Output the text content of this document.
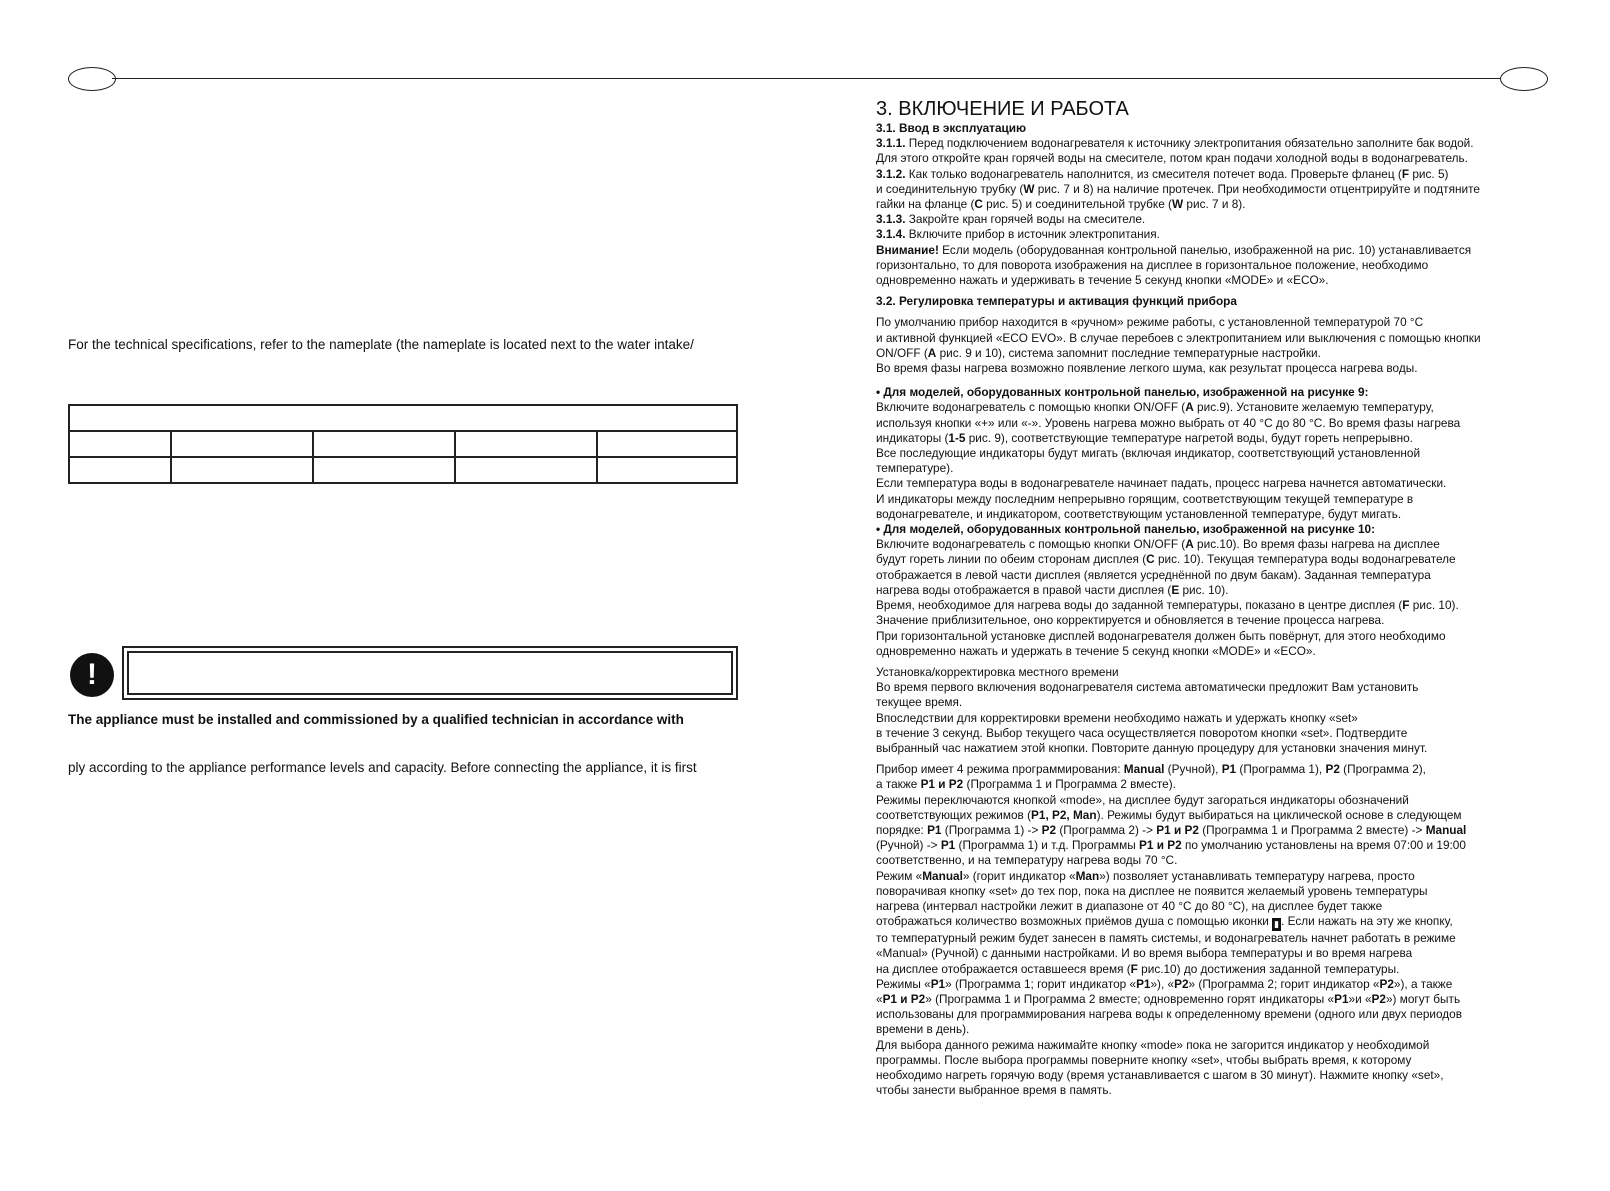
For the technical specifications, refer to the nameplate (the nameplate is located next to the water intake/

!
The appliance must be installed and commissioned by a qualified technician in accordance with
ply according to the appliance performance levels and capacity. Before connecting the appliance, it is first

3. ВКЛЮЧЕНИЕ И РАБОТА

3.1. Ввод в эксплуатацию

3.1.1. Перед подключением водонагревателя к источнику электропитания обязательно заполните бак водой.

Для этого откройте кран горячей воды на смесителе, потом кран подачи холодной воды в водонагреватель.

3.1.2. Как только водонагреватель наполнится, из смесителя потечет вода. Проверьте фланец (F рис. 5)

и соединительную трубку (W рис. 7 и 8) на наличие протечек. При необходимости отцентрируйте и подтяните

гайки на фланце (C рис. 5) и соединительной трубке (W рис. 7 и 8).

3.1.3. Закройте кран горячей воды на смесителе.

3.1.4. Включите прибор в источник электропитания.

Внимание! Если модель (оборудованная контрольной панелью, изображенной на рис. 10) устанавливается

горизонтально, то для поворота изображения на дисплее в горизонтальное положение, необходимо

одновременно нажать и удерживать в течение 5 секунд кнопки «MODE» и «ECO».

3.2. Регулировка температуры и активация функций прибора

По умолчанию прибор находится в «ручном» режиме работы, с установленной температурой 70 °C

и активной функцией «ECO EVO». В случае перебоев с электропитанием или выключения с помощью кнопки

ON/OFF (A рис. 9 и 10), система запомнит последние температурные настройки.

Во время фазы нагрева возможно появление легкого шума, как результат процесса нагрева воды.

• Для моделей, оборудованных контрольной панелью, изображенной на рисунке 9:

Включите водонагреватель с помощью кнопки ON/OFF (A рис.9). Установите желаемую температуру,

используя кнопки «+» или «-». Уровень нагрева можно выбрать от 40 °C до 80 °C. Во время фазы нагрева

индикаторы (1-5 рис. 9), соответствующие температуре нагретой воды, будут гореть непрерывно.

Все последующие индикаторы будут мигать (включая индикатор, соответствующий установленной

температуре).

Если температура воды в водонагревателе начинает падать, процесс нагрева начнется автоматически.

И индикаторы между последним непрерывно горящим, соответствующим текущей температуре в

водонагревателе, и индикатором, соответствующим установленной температуре, будут мигать.

• Для моделей, оборудованных контрольной панелью, изображенной на рисунке 10:

Включите водонагреватель с помощью кнопки ON/OFF (A рис.10). Во время фазы нагрева на дисплее

будут гореть линии по обеим сторонам дисплея (C рис. 10). Текущая температура воды водонагревателе

отображается в левой части дисплея (является усреднённой по двум бакам). Заданная температура

нагрева воды отображается в правой части дисплея (E рис. 10).

Время, необходимое для нагрева воды до заданной температуры, показано в центре дисплея (F рис. 10).

Значение приблизительное, оно корректируется и обновляется в течение процесса нагрева.

При горизонтальной установке дисплей водонагревателя должен быть повёрнут, для этого необходимо

одновременно нажать и удержать в течение 5 секунд кнопки «MODE» и «ECO».

Установка/корректировка местного времени

Во время первого включения водонагревателя система автоматически предложит Вам установить

текущее время.

Впоследствии для корректировки времени необходимо нажать и удержать кнопку «set»

в течение 3 секунд. Выбор текущего часа осуществляется поворотом кнопки «set». Подтвердите

выбранный час нажатием этой кнопки. Повторите данную процедуру для установки значения минут.

Прибор имеет 4 режима программирования: Manual (Ручной), P1 (Программа 1), P2 (Программа 2),

а также P1 и P2 (Программа 1 и Программа 2 вместе).

Режимы переключаются кнопкой «mode», на дисплее будут загораться индикаторы обозначений

соответствующих режимов (P1, P2, Man). Режимы будут выбираться на циклической основе в следующем

порядке: P1 (Программа 1) -> P2 (Программа 2) -> P1 и P2 (Программа 1 и Программа 2 вместе) -> Manual

(Ручной) -> P1 (Программа 1) и т.д. Программы P1 и P2 по умолчанию установлены на время 07:00 и 19:00

соответственно, и на температуру нагрева воды 70 °C.

Режим «Manual» (горит индикатор «Man») позволяет устанавливать температуру нагрева, просто

поворачивая кнопку «set» до тех пор, пока на дисплее не появится желаемый уровень температуры

нагрева (интервал настройки лежит в диапазоне от 40 °C до 80 °C), на дисплее будет также

отображаться количество возможных приёмов душа с помощью иконки ▮ . Если нажать на эту же кнопку,

то температурный режим будет занесен в память системы, и водонагреватель начнет работать в режиме

«Manual» (Ручной) с данными настройками. И во время выбора температуры и во время нагрева

на дисплее отображается оставшееся время (F рис.10) до достижения заданной температуры.

Режимы «P1» (Программа 1; горит индикатор «P1»), «P2» (Программа 2; горит индикатор «P2»), а также

«P1 и P2» (Программа 1 и Программа 2 вместе; одновременно горят индикаторы «P1»и «P2») могут быть

использованы для программирования нагрева воды к определенному времени (одного или двух периодов

времени в день).

Для выбора данного режима нажимайте кнопку «mode» пока не загорится индикатор у необходимой

программы. После выбора программы поверните кнопку «set», чтобы выбрать время, к которому

необходимо нагреть горячую воду (время устанавливается с шагом в 30 минут). Нажмите кнопку «set»,

чтобы занести выбранное время в память.
